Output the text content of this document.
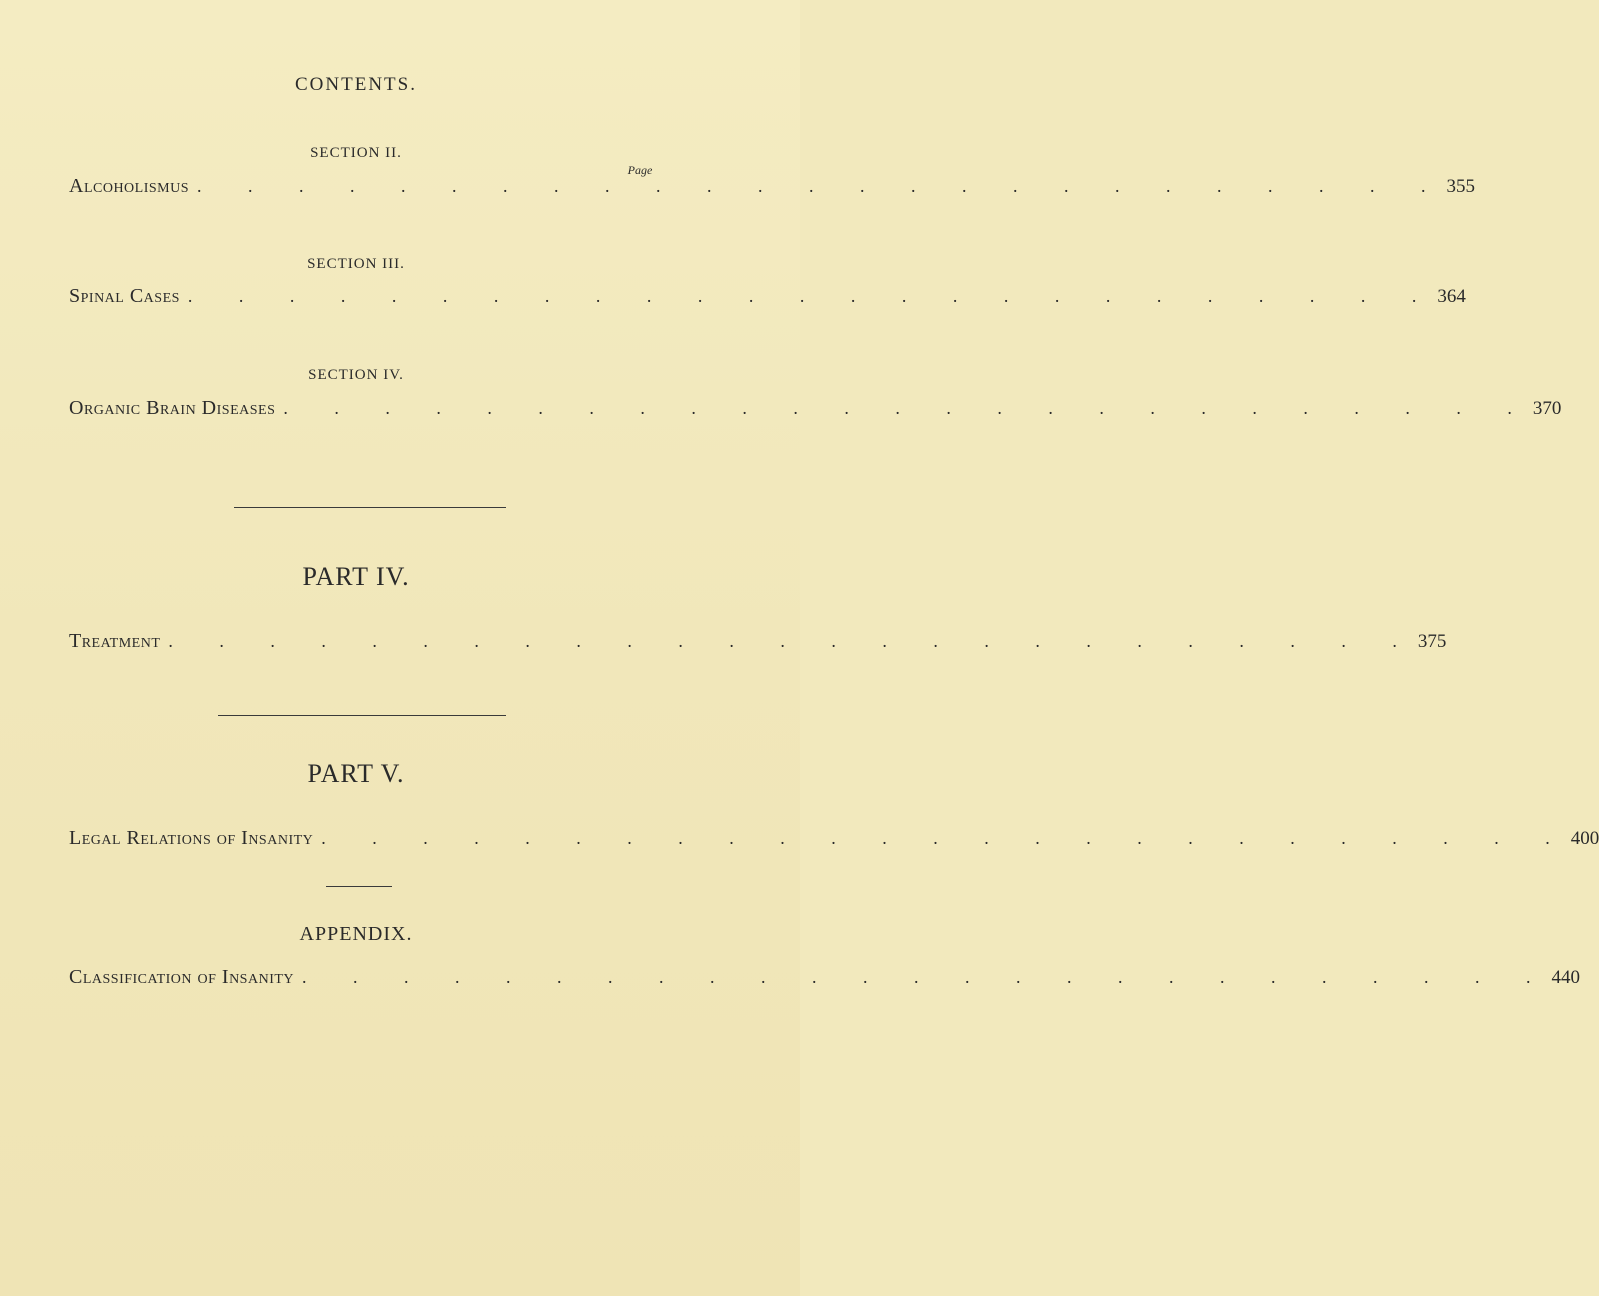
CONTENTS.
SECTION II.
Page
Alcoholismus . . . . . . . . . . . . . . . . . . . . . . . . . 355
SECTION III.
Spinal Cases . . . . . . . . . . . . . . . . . . . . . . . . . 364
SECTION IV.
Organic Brain Diseases . . . . . . . . . . . . . . . . . . . . . . . . . 370
PART IV.
Treatment . . . . . . . . . . . . . . . . . . . . . . . . . 375
PART V.
Legal Relations of Insanity . . . . . . . . . . . . . . . . . . . . . . . . . 400
APPENDIX.
Classification of Insanity . . . . . . . . . . . . . . . . . . . . . . . . . 440
